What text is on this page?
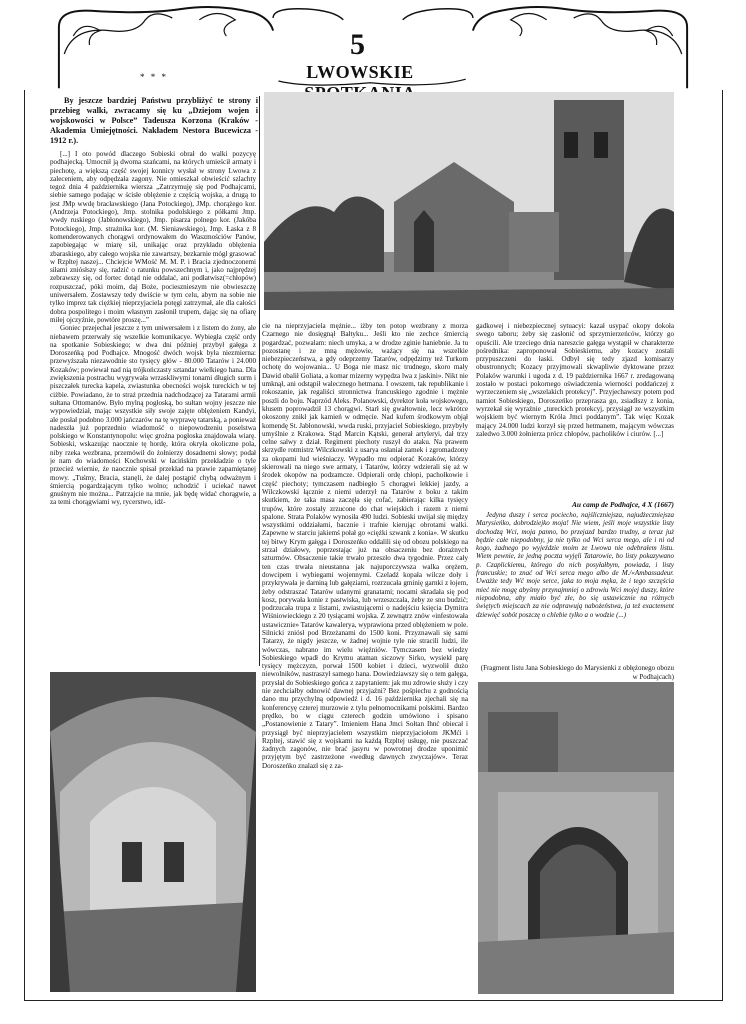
5
LWOWSKIE
* * *
By jeszcze bardziej Państwu przybliżyć te strony i przebieg walki, zwracamy się ku „Dziejom wojen i wojskowości w Polsce” Tadeusza Korzona (Kraków - Akademia Umiejętności. Nakładem Nestora Bucewicza - 1912 r.).

[...] I oto powód dlaczego Sobieski obrał do walki pozycyę podhajecką. Umocnił ją dwoma szańcami, na których umieścił armaty i piechotę, a większą część swojej konnicy wysłał w strony Lwowa z zaleceniem, aby odpędzała zagony. Nie omieszkał obwieścić szlachty tegoż dnia 4 października wiersza „Zatrzymuję się pod Podhajcami, siebie samego podając w ścisłe oblężenie z częścią wojska, a drugą to jest JMp wwdę bracławskiego (Jana Potockiego), JMp. chorążego kor. (Andrzeja Potockiego), Jmp. stolnika podolskiego z półkami Jmp. wwdy ruskiego (Jabłonowskiego), Jmp. pisarza polnego kor. (Jakóba Potockiego), Jmp. strażnika kor. (M. Sieniawskiego), Jmp. Łaska z 8 komenderowanych chorągwi ordynowałem do Waszmościów Panów, zapobiegając w miarę sił, unikając oraz przykładu oblężenia zbaraskiego, aby całego wojska nie zawartszy, bezkarnie mógł grasować w Rzpltej naszej... Chciejcie WMość M. M. P. i Bracia zjednoczonemi siłami zniósłszy się, radzić o ratunku powszechnym i, jako najprędzej zebrawszy się, od fortec dotąd nie oddalać, ani podłatwisz(=chłopów) rozpuszczać, póki moim, daj Boże, pociesznieszym nie obwieszczę uniwersałem. Zostawszy tedy dwiście w tym celu, abym na sobie nie tylko imprez tak ciężkiej nieprzyjaciela potęgi zatrzymał, ale dla całości dobra pospolitego i moim własnym zasłonił trupem, dając się na ofiarę miłej ojczyźnie, powtóre proszę...”

Goniec przejechał jeszcze z tym uniwersałem i z listem do żony, ale niebawem przerwały się wszelkie komunikacye. Wybiegła część ordy na spotkanie Sobieskiego; w dwa dni później przybył gałęga z Doroszeńką pod Podhajce. Mnogość dwóch wojsk była niezmierna: przewyższała niezawodnie sto tysięcy głów - 80.000 Tatarów i 24.000 Kozaków; powiewał nad nią trójkończasty sztandar wielkiego hana. Dla zwiększenia postrachu wygrywała wrzaskliwymi tonami długich surm i piszczałek turecka kapela, zwiastunka obecności wojsk tureckich w tej ciżbie. Powiadano, że to straż przednia nadchodzącej za Tatarami armii sułtana Ottomanów. Było mylną pogłoską, bo sułtan wojny jeszcze nie wypowiedział, mając wszystkie siły swoje zajęte oblężeniem Kandyi, ale posłał podobno 3.000 jańczarów na tę wyprawę tatarską, a ponieważ nadeszła już poprzednio wiadomość o niepowodzeniu poselstwa polskiego w Konstantynopolu: więc groźna pogłoska znajdowała wiarę. Sobieski, wskazując naocznie tę hordę, która okryła okoliczne pola, niby rzeka wezbrana, przemówił do żołnierzy dosadnemi słowy; podał je nam do wiadomości Kochowski w łacińskim przekładzie o tyle przecież wiernie, że naocznie spisał przekład na prawie zapamiętanej mowy. „Tuśmy, Bracia, stanęli, że dalej postąpić chybą odważnym i śmiercią pogardzającym tylko wolno; uchodzić i uciekać nawet gnuśnym nie można... Patrzajcie na mnie, jak będę widać chorągwie, a za temi chorągwiami wy, rycerstwo, idź-

cie na nieprzyjaciela mężnie... iżby ten potop wezbrany z morza Czarnego nie dosięgnął Bałtyku... Jeśli kto nie zechce śmiercią pogardzać, pozwalam: niech umyka, a w drodze zginie haniebnie. Ja tu pozostanę i ze mną mężowie, ważący się na wszelkie niebezpieczeństwa, a gdy odeprzemy Tatarów, odpędzimy też Turkom ochotę do wojowania... U Boga nie masz nic trudnego, skoro mały Dawid obalił Goliata, a komar mizerny wypędza lwa z jaskini». Nikt nie umknął, ani odstąpił walecznego hetmana. I owszem, tak republikanie i rokoszanie, jak regaliści stronnictwa francuskiego zgodnie i mężnie poszli do boju. Naprzód Aleks. Polanowski, dyrektor koła wojskowego, kłusem poprowadził 13 chorągwi. Starł się gwałtownie, lecz wkrótce okoszony znikł jak kamień w odmęcie. Nad kufem środkowym objął komendę St. Jabłonowski, wwda ruski, przyjaciel Sobieskiego, przybyły umyślnie z Krakowa. Stąd Marcin Kątski, generał artyleryi, dał trzy celne salwy z dział. Regiment piechoty ruszył do ataku. Na prawem skrzydle rotmistrz Wilczkowski z usarya osłaniał zamek i zgromadzony za okopami lud wieśniaczy. Wypadło mu odpierać Kozaków, którzy skierowali na niego swe armaty, i Tatarów, którzy wdzierali się aż w środek okopów na podzamcze. Odpierali ordę chłopi, pachołkowie i część piechoty; tymczasem nadbiegło 5 chorągwi lekkiej jazdy, a Wilczkowski łącznie z niemi uderzył na Tatarów z boku z takim skutkiem, że taka masa zaczęła się cofać, zabierając kilka tysięcy trupów, które zostały zrzucone do chat wiejskich i razem z niemi spalone. Strata Polaków wynosiła 490 ludzi. Sobieski uwijał się między wszystkimi oddziałami, bacznie i trafnie kierując obrotami walki. Zapewne w starciu jakiemś połał go «ciężki szwank z konia». W skutku tej bitwy Krym gałęga i Doroszeńko oddalili się od obozu polskiego na strzał działowy, poprzestając już na obsaczeniu bez dorażnych szturmów. Obsaczenie takie trwało przeszło dwa tygodnie. Przez cały ten czas trwała nieustanna jak najuporczywsza walka orężem, dowcipem i wybiegami wojennymi. Czeladź kopała wilcze doły i przykrywała je darniną lub gałęziami, rozrzucała gminię garnki z łojem, żeby odstraszać Tatarów udanymi granatami; nocami skradała się pod kosz, porywała konie z pastwiska, lub wrzeszczała, żeby ze snu budzić; podrzucała trupa z listami, zwiastującemi o nadejściu księcia Dymitra Wiśniowieckiego z 20 tysiącami wojska. Z zewnątrz znów «infestowała ustawicznie» Tatarów kawalerya, wyprawiona przed oblężeniem w pole. Silnicki zniósł pod Brzeżanami do 1500 koni. Przyznawali się sami Tatarzy, że nigdy jeszcze, w żadnej wojnie tyle nie stracili ludzi, ile wówczas, nabrano im wielu więźniów. Tymczasem bez wiedzy Sobieskiego wpadł do Krymu ataman siczowy Sirko, wysiekł parę tysięcy mężczyzn, porwał 1500 kobiet i dzieci, wyzwolił dużo niewolników, nastraszył samego hana. Dowiedziawszy się o tem gałęga, przysłał do Sobieskiego gońca z zapytaniem: jak mu zdrowie służy i czy nie zechciałby odnowić dawnej przyjaźni? Bez pośpiechu z godnością dano mu przychylną odpowiedź i d. 16 października zjechali się na konferencyę czterej murzowie z tylu pełnomocnikami polskimi. Bardzo prędko, bo w ciągu czterech godzin umówiono i spisano „Postanowienie z Tatary”. Imieniem Hana Jmci Sołtan Ihnć obiecał i przysiągł być nieprzyjacielem wszystkim nieprzyjaciołom JKMći i Rzpltej, stawić się z wojskami na każdą Rzpltej usługę, nie puszczać żadnych zagonów, nie brać jasyru w powrotnej drodze uponimić przyjętym być zastrzeżone «według dawnych zwyczajów». Teraz Doroszeńko znalazł się z za-
gadkowej i niebezpiecznej sytuacyi: kazał usypać okopy dokoła swego taboru; żeby się zasłonić od sprzymierzeńców, którzy go opuścili. Ale trzeciego dnia nareszcie gałęga wystąpił w charakterze pośrednika: zaproponował Sobieskiemu, aby kozacy zostali przypuszczeni do łaski. Odbył się tedy zjazd komisarzy obustronnych; Kozacy przyjmowali skwapliwie dyktowane przez Polaków warunki i ugoda z d. 19 października 1667 r. zredagowaną zostało w postaci pokornego oświadczenia wierności poddańczej z wyrzeczeniem się „wszelakich protekcyj”. Przyjechawszy potem pod namiot Sobieskiego, Doroszeńko przeprasza go, zsiadłszy z konia, wyrzekał się wyraźnie „tureckich protekcyj, przysiągł ze wszystkim wojskiem być wiernym Króla Jmci poddanym”. Tak więc Kozak mający 24.000 ludzi korzył się przed hetmanem, mającym wówczas zaledwo 3.000 żołnierza prócz chłopów, pacholików i ciurów. [...]
Au camp de Podhajce, 4 X (1667)
Jedyna duszy i serca pociecho, najśliczniejsza, najudżeczniejsza Marysieńko, dobrodziejko moja! Nie wiem, jeśli moje wszystkie listy dochodzą Wci, moja panno, bo przejazd bardzo trudny, a teraz już będzie całe niepodobny, ja nie tylko od Wci serca mego, ale i ni od kogo, żadnego po wyjeździe moim ze Lwowa nie odebrałem listu. Wiem pewnie, że jedną poczta wyjęli Tatarowie, bo listy pokazywano p. Czaplickiemu, którego do nich posyłałbym, powiada, i listy francuskie; to znać od Wci serca mego albo de M./«Ambassadeur. Uważże tedy Wć moje serce, jaka to moja męka, że i tego szczęścia mieć nie mogę abyśmy przynajmniej o zdrowiu Wci mojej duszy, które niepodobna, aby miało być złe, bo się ustawicznie na różnych świętych miejscach za nie odprawują nabożeństwa, ja też exactement dziewięć sobót poszczę o chlebie tylko a o wodzie (...)
(Fragment listu Jana Sobieskiego do Marysienki z obłężonego obozu w Podhajcach)
